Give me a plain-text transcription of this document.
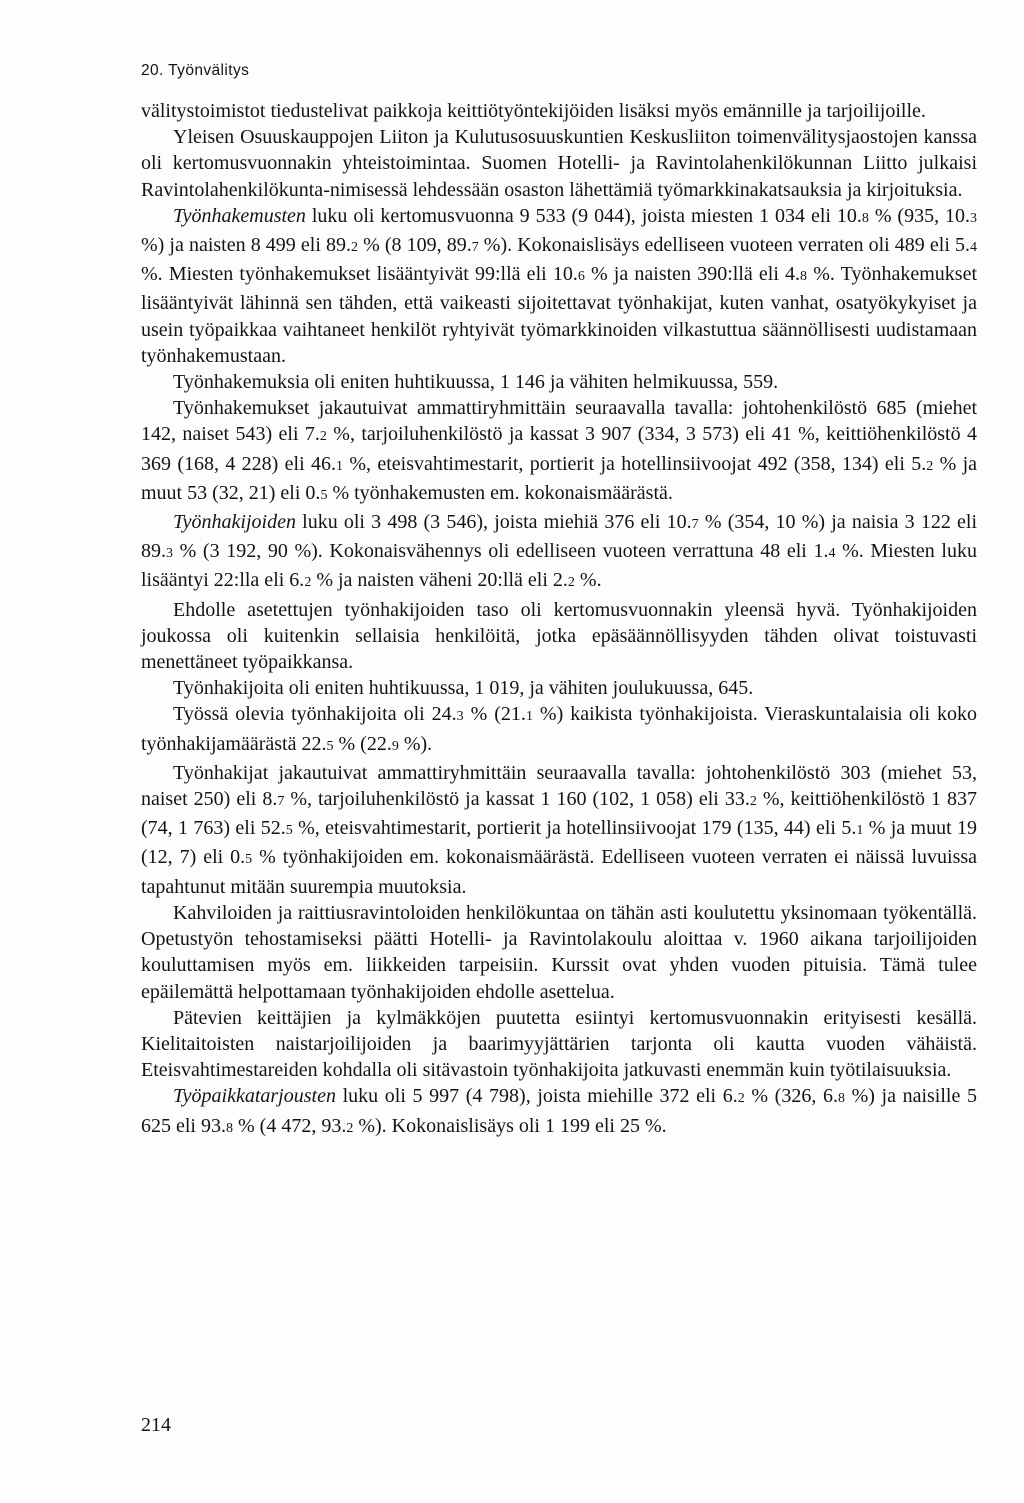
20. Työnvälitys

välitystoimistot tiedustelivat paikkoja keittiötyöntekijöiden lisäksi myös emännille ja tarjoilijoille.

Yleisen Osuuskauppojen Liiton ja Kulutusosuuskuntien Keskusliiton toimenvälitysjaostojen kanssa oli kertomusvuonnakin yhteistoimintaa. Suomen Hotelli- ja Ravintolahenkilökunnan Liitto julkaisi Ravintolahenkilökunta-nimisessä lehdessään osaston lähettämiä työmarkkinakatsauksia ja kirjoituksia.

Työnhakemusten luku oli kertomusvuonna 9 533 (9 044), joista miesten 1 034 eli 10.8 % (935, 10.3 %) ja naisten 8 499 eli 89.2 % (8 109, 89.7 %). Kokonaislisäys edelliseen vuoteen verraten oli 489 eli 5.4 %. Miesten työnhakemukset lisääntyivät 99:llä eli 10.6 % ja naisten 390:llä eli 4.8 %. Työnhakemukset lisääntyivät lähinnä sen tähden, että vaikeasti sijoitettavat työnhakijat, kuten vanhat, osatyökykyiset ja usein työpaikkaa vaihtaneet henkilöt ryhtyivät työmarkkinoiden vilkastuttua säännöllisesti uudistamaan työnhakemustaan.

Työnhakemuksia oli eniten huhtikuussa, 1 146 ja vähiten helmikuussa, 559.

Työnhakemukset jakautuivat ammattiryhmittäin seuraavalla tavalla: johtohenkilöstö 685 (miehet 142, naiset 543) eli 7.2 %, tarjoiluhenkilöstö ja kassat 3 907 (334, 3 573) eli 41 %, keittiöhenkilöstö 4 369 (168, 4 228) eli 46.1 %, eteisvahtimestarit, portierit ja hotellinsiivoojat 492 (358, 134) eli 5.2 % ja muut 53 (32, 21) eli 0.5 % työnhakemusten em. kokonaismäärästä.

Työnhakijoiden luku oli 3 498 (3 546), joista miehiä 376 eli 10.7 % (354, 10 %) ja naisia 3 122 eli 89.3 % (3 192, 90 %). Kokonaisvähennys oli edelliseen vuoteen verrattuna 48 eli 1.4 %. Miesten luku lisääntyi 22:lla eli 6.2 % ja naisten väheni 20:llä eli 2.2 %.

Ehdolle asetettujen työnhakijoiden taso oli kertomusvuonnakin yleensä hyvä. Työnhakijoiden joukossa oli kuitenkin sellaisia henkilöitä, jotka epäsäännöllisyyden tähden olivat toistuvasti menettäneet työpaikkansa.

Työnhakijoita oli eniten huhtikuussa, 1 019, ja vähiten joulukuussa, 645.

Työssä olevia työnhakijoita oli 24.3 % (21.1 %) kaikista työnhakijoista. Vieraskuntalaisia oli koko työnhakijamäärästä 22.5 % (22.9 %).

Työnhakijat jakautuivat ammattiryhmittäin seuraavalla tavalla: johtohenkilöstö 303 (miehet 53, naiset 250) eli 8.7 %, tarjoiluhenkilöstö ja kassat 1 160 (102, 1 058) eli 33.2 %, keittiöhenkilöstö 1 837 (74, 1 763) eli 52.5 %, eteisvahtimestarit, portierit ja hotellinsiivoojat 179 (135, 44) eli 5.1 % ja muut 19 (12, 7) eli 0.5 % työnhakijoiden em. kokonaismäärästä. Edelliseen vuoteen verraten ei näissä luvuissa tapahtunut mitään suurempia muutoksia.

Kahviloiden ja raittiusravintoloiden henkilökuntaa on tähän asti koulutettu yksinomaan työkentällä. Opetustyön tehostamiseksi päätti Hotelli- ja Ravintolakoulu aloittaa v. 1960 aikana tarjoilijoiden kouluttamisen myös em. liikkeiden tarpeisiin. Kurssit ovat yhden vuoden pituisia. Tämä tulee epäilemättä helpottamaan työnhakijoiden ehdolle asettelua.

Pätevien keittäjien ja kylmäkköjen puutetta esiintyi kertomusvuonnakin erityisesti kesällä. Kielitaitoisten naistarjoilijoiden ja baarimyyjättärien tarjonta oli kautta vuoden vähäistä. Eteisvahtimestareiden kohdalla oli sitävastoin työnhakijoita jatkuvasti enemmän kuin työtilaisuuksia.

Työpaikkatarjousten luku oli 5 997 (4 798), joista miehille 372 eli 6.2 % (326, 6.8 %) ja naisille 5 625 eli 93.8 % (4 472, 93.2 %). Kokonaislisäys oli 1 199 eli 25 %.

214
